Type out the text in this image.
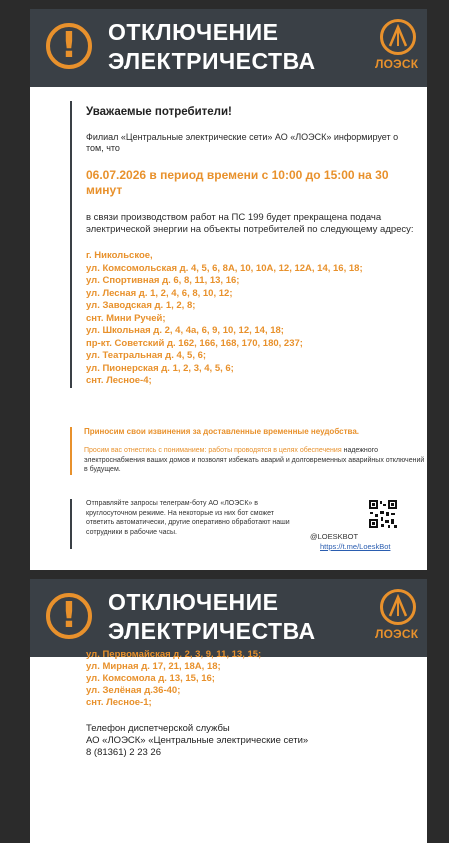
!	ОТКЛЮЧЕНИЕ
ЭЛЕКТРИЧЕСТВА	ЛОЭСК
Уважаемые потребители!
Филиал «Центральные электрические сети» АО «ЛОЭСК» информирует о том, что
06.07.2026 в период времени с 10:00 до 15:00 на 30 минут
в связи производством работ на ПС 199 будет прекращена подача электрической энергии на объекты потребителей по следующему адресу:
г. Никольское,
ул. Комсомольская д. 4, 5, 6, 8А, 10, 10А, 12, 12А, 14, 16, 18;
ул. Спортивная д. 6, 8, 11, 13, 16;
ул. Лесная д. 1, 2, 4, 6, 8, 10, 12;
ул. Заводская д. 1, 2, 8;
снт. Мини Ручей;
ул. Школьная д. 2, 4, 4а, 6, 9, 10, 12, 14, 18;
пр-кт. Советский д. 162, 166, 168, 170, 180, 237;
ул. Театральная д. 4, 5, 6;
ул. Пионерская д. 1, 2, 3, 4, 5, 6;
снт. Лесное-4;
Приносим свои извинения за доставленные временные неудобства.
Просим вас отнестись с пониманием: работы проводятся в целях обеспечения надежного электроснабжения ваших домов и позволят избежать аварий и долговременных аварийных отключений в будущем.
Отправляйте запросы телеграм-боту АО «ЛОЭСК» в круглосуточном режиме. На некоторые из них бот сможет ответить автоматически, другие оперативно обработают наши сотрудники в рабочие часы.	@LOESKBOT
https://t.me/LoeskBot
!	ОТКЛЮЧЕНИЕ
ЭЛЕКТРИЧЕСТВА	ЛОЭСК
ул. Первомайская д. 2, 3, 9, 11, 13, 15;
ул. Мирная д. 17, 21, 18А, 18;
ул. Комсомола д. 13, 15, 16;
ул. Зелёная д.36-40;
снт. Лесное-1;
Телефон диспетчерской службы
АО «ЛОЭСК» «Центральные электрические сети»
8 (81361) 2 23 26
